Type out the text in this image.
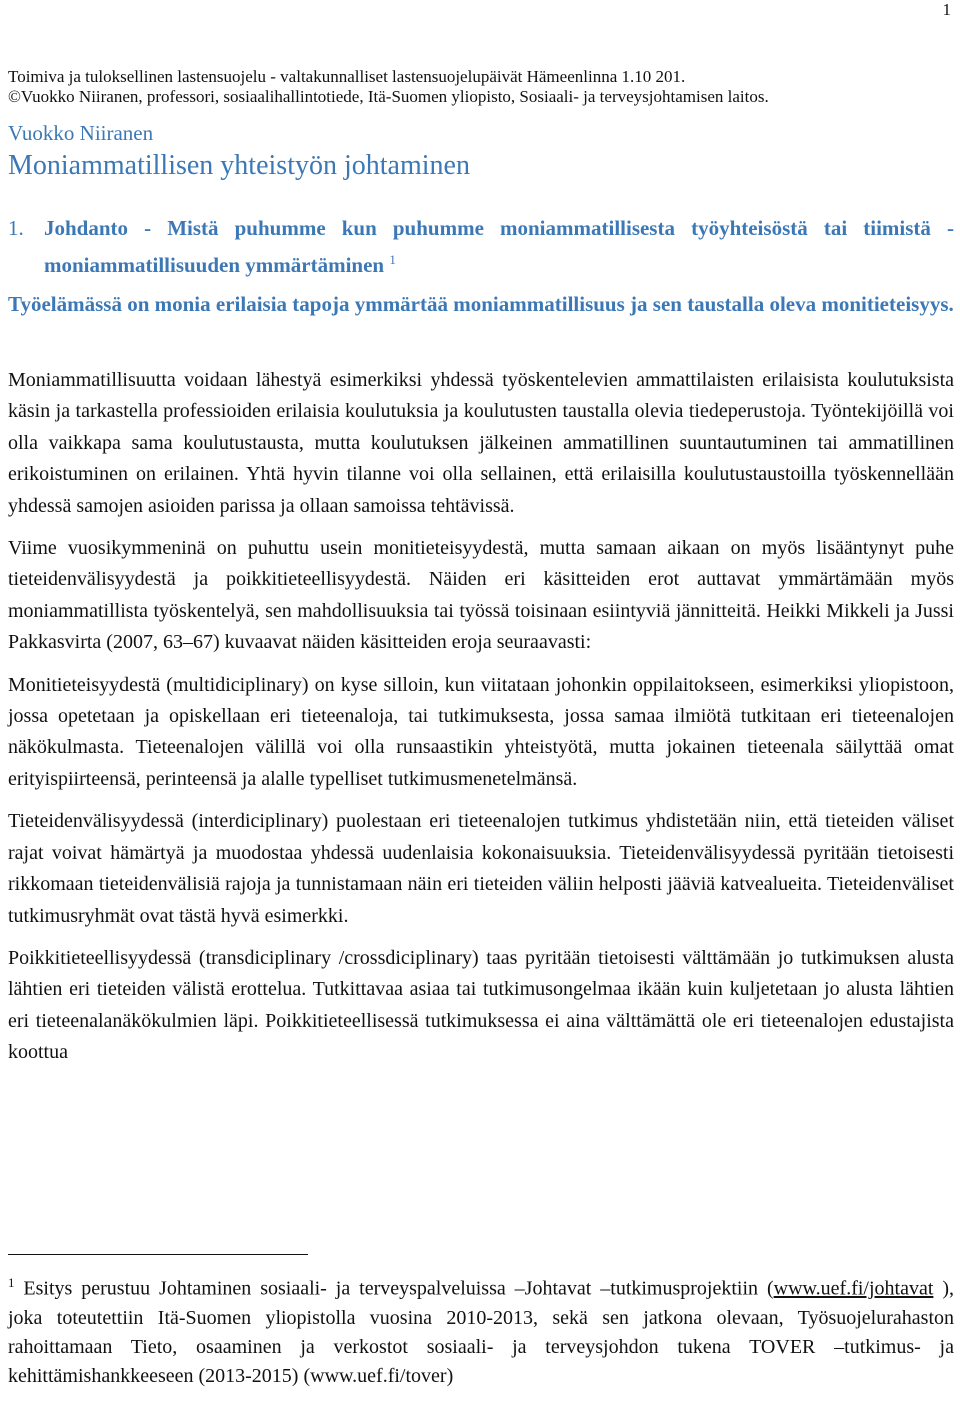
1
Toimiva ja tuloksellinen lastensuojelu - valtakunnalliset lastensuojelupäivät Hämeenlinna 1.10 201.
©Vuokko Niiranen, professori, sosiaalihallintotiede, Itä-Suomen yliopisto, Sosiaali- ja terveysjohtamisen laitos.
Vuokko Niiranen
Moniammatillisen yhteistyön johtaminen
1. Johdanto - Mistä puhumme kun puhumme moniammatillisesta työyhteisöstä tai tiimistä - moniammatillisuuden ymmärtäminen $^1$
Työelämässä on monia erilaisia tapoja ymmärtää moniammatillisuus ja sen taustalla oleva monitieteisyys.

Moniammatillisuutta voidaan lähestyä esimerkiksi yhdessä työskentelevien ammattilaisten erilaisista koulutuksista käsin ja tarkastella professioiden erilaisia koulutuksia ja koulutusten taustalla olevia tiedeperustoja. Työntekijöillä voi olla vaikkapa sama koulutustausta, mutta koulutuksen jälkeinen ammatillinen suuntautuminen tai ammatillinen erikoistuminen on erilainen. Yhtä hyvin tilanne voi olla sellainen, että erilaisilla koulutustaustoilla työskennellään yhdessä samojen asioiden parissa ja ollaan samoissa tehtävissä.

Viime vuosikymmeninä on puhuttu usein monitieteisyydestä, mutta samaan aikaan on myös lisääntynyt puhe tieteidenvälisyydestä ja poikkitieteellisyydestä. Näiden eri käsitteiden erot auttavat ymmärtämään myös moniammatillista työskentelyä, sen mahdollisuuksia tai työssä toisinaan esiintyviä jännitteitä. Heikki Mikkeli ja Jussi Pakkasvirta (2007, 63–67) kuvaavat näiden käsitteiden eroja seuraavasti:

Monitieteisyydestä (multidiciplinary) on kyse silloin, kun viitataan johonkin oppilaitokseen, esimerkiksi yliopistoon, jossa opetetaan ja opiskellaan eri tieteenaloja, tai tutkimuksesta, jossa samaa ilmiötä tutkitaan eri tieteenalojen näkökulmasta. Tieteenalojen välillä voi olla runsaastikin yhteistyötä, mutta jokainen tieteenala säilyttää omat erityispiirteensä, perinteensä ja alalle typelliset tutkimusmenetelmänsä.

Tieteidenvälisyydessä (interdiciplinary) puolestaan eri tieteenalojen tutkimus yhdistetään niin, että tieteiden väliset rajat voivat hämärtyä ja muodostaa yhdessä uudenlaisia kokonaisuuksia. Tieteidenvälisyydessä pyritään tietoisesti rikkomaan tieteidenvälisiä rajoja ja tunnistamaan näin eri tieteiden väliin helposti jääviä katvealueita. Tieteidenväliset tutkimusryhmät ovat tästä hyvä esimerkki.

Poikkitieteellisyydessä (transdiciplinary /crossdiciplinary) taas pyritään tietoisesti välttämään jo tutkimuksen alusta lähtien eri tieteiden välistä erottelua. Tutkittavaa asiaa tai tutkimusongelmaa ikään kuin kuljetetaan jo alusta lähtien eri tieteenalanäkökulmien läpi. Poikkitieteellisessä tutkimuksessa ei aina välttämättä ole eri tieteenalojen edustajista koottua

$^1$ Esitys perustuu Johtaminen sosiaali- ja terveyspalveluissa –Johtavat –tutkimusprojektiin (www.uef.fi/johtavat ), joka toteutettiin Itä-Suomen yliopistolla vuosina 2010-2013, sekä sen jatkona olevaan, Työsuojelurahaston rahoittamaan Tieto, osaaminen ja verkostot sosiaali- ja terveysjohdon tukena TOVER –tutkimus- ja kehittämishankkeeseen (2013-2015) (www.uef.fi/tover)
